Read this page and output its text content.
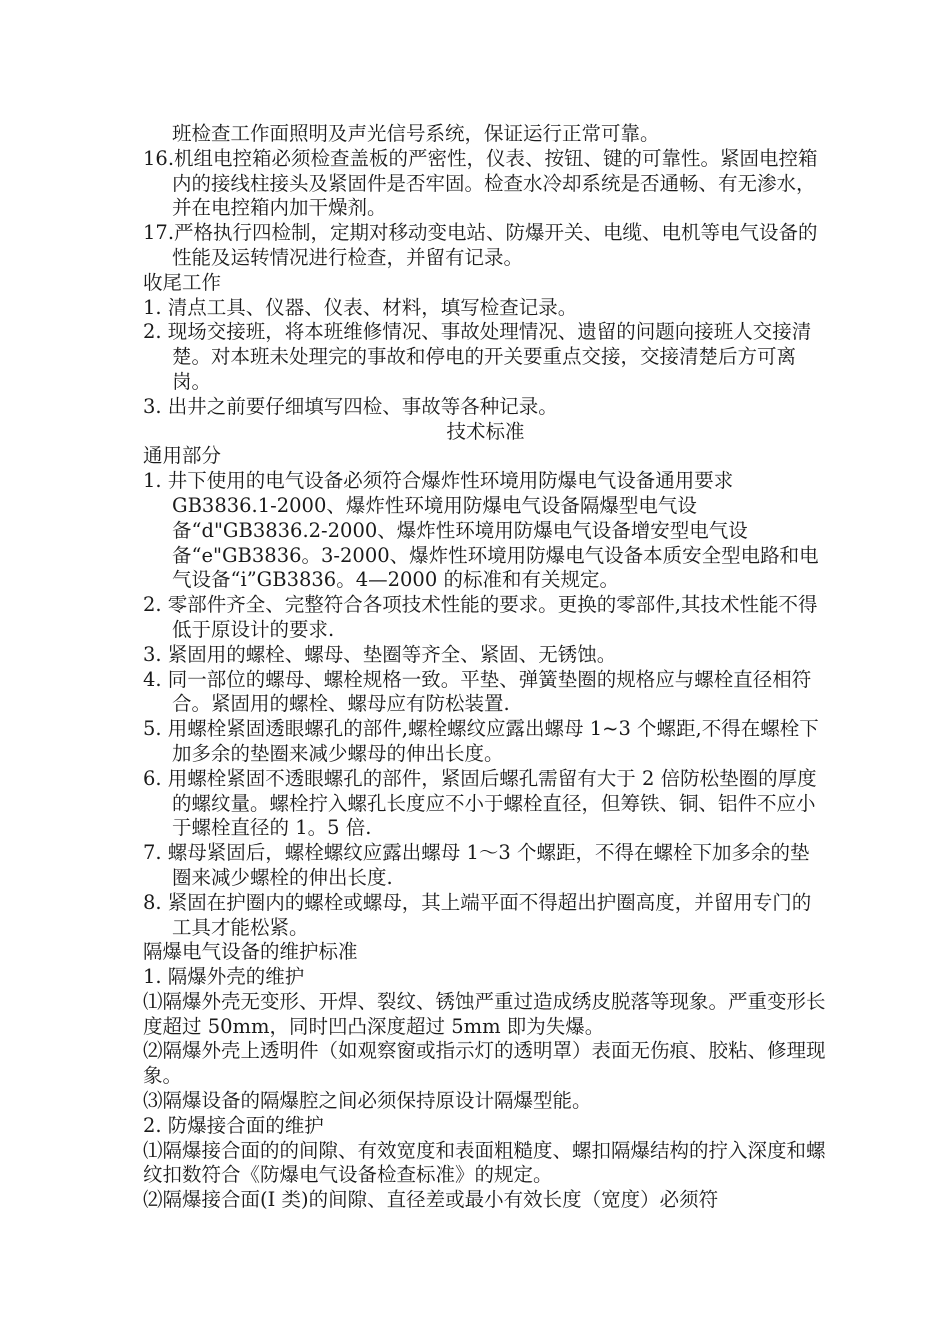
班检查工作面照明及声光信号系统，保证运行正常可靠。

16.机组电控箱必须检查盖板的严密性，仪表、按钮、键的可靠性。紧固电控箱内的接线柱接头及紧固件是否牢固。检查水冷却系统是否通畅、有无渗水，并在电控箱内加干燥剂。

17.严格执行四检制，定期对移动变电站、防爆开关、电缆、电机等电气设备的性能及运转情况进行检查，并留有记录。

收尾工作

1. 清点工具、仪器、仪表、材料，填写检查记录。

2. 现场交接班，将本班维修情况、事故处理情况、遗留的问题向接班人交接清楚。对本班未处理完的事故和停电的开关要重点交接，交接清楚后方可离岗。

3. 出井之前要仔细填写四检、事故等各种记录。

技术标准

通用部分

1. 井下使用的电气设备必须符合爆炸性环境用防爆电气设备通用要求 GB3836.1-2000、爆炸性环境用防爆电气设备隔爆型电气设备“d"GB3836.2-2000、爆炸性环境用防爆电气设备增安型电气设备“e"GB3836。3-2000、爆炸性环境用防爆电气设备本质安全型电路和电气设备“i”GB3836。4—2000 的标准和有关规定。

2. 零部件齐全、完整符合各项技术性能的要求。更换的零部件,其技术性能不得低于原设计的要求.

3. 紧固用的螺栓、螺母、垫圈等齐全、紧固、无锈蚀。

4. 同一部位的螺母、螺栓规格一致。平垫、弹簧垫圈的规格应与螺栓直径相符合。紧固用的螺栓、螺母应有防松装置.

5. 用螺栓紧固透眼螺孔的部件,螺栓螺纹应露出螺母 1~3 个螺距,不得在螺栓下加多余的垫圈来减少螺母的伸出长度。

6. 用螺栓紧固不透眼螺孔的部件，紧固后螺孔需留有大于 2 倍防松垫圈的厚度的螺纹量。螺栓拧入螺孔长度应不小于螺栓直径，但筹铁、铜、铝件不应小于螺栓直径的 1。5 倍.

7. 螺母紧固后，螺栓螺纹应露出螺母 1～3 个螺距，不得在螺栓下加多余的垫圈来减少螺栓的伸出长度.

8. 紧固在护圈内的螺栓或螺母，其上端平面不得超出护圈高度，并留用专门的工具才能松紧。

隔爆电气设备的维护标准

1. 隔爆外壳的维护

⑴隔爆外壳无变形、开焊、裂纹、锈蚀严重过造成绣皮脱落等现象。严重变形长度超过 50mm，同时凹凸深度超过 5mm 即为失爆。

⑵隔爆外壳上透明件（如观察窗或指示灯的透明罩）表面无伤痕、胶粘、修理现象。

⑶隔爆设备的隔爆腔之间必须保持原设计隔爆型能。

2. 防爆接合面的维护

⑴隔爆接合面的的间隙、有效宽度和表面粗糙度、螺扣隔爆结构的拧入深度和螺纹扣数符合《防爆电气设备检查标准》的规定。

⑵隔爆接合面(I 类)的间隙、直径差或最小有效长度（宽度）必须符
